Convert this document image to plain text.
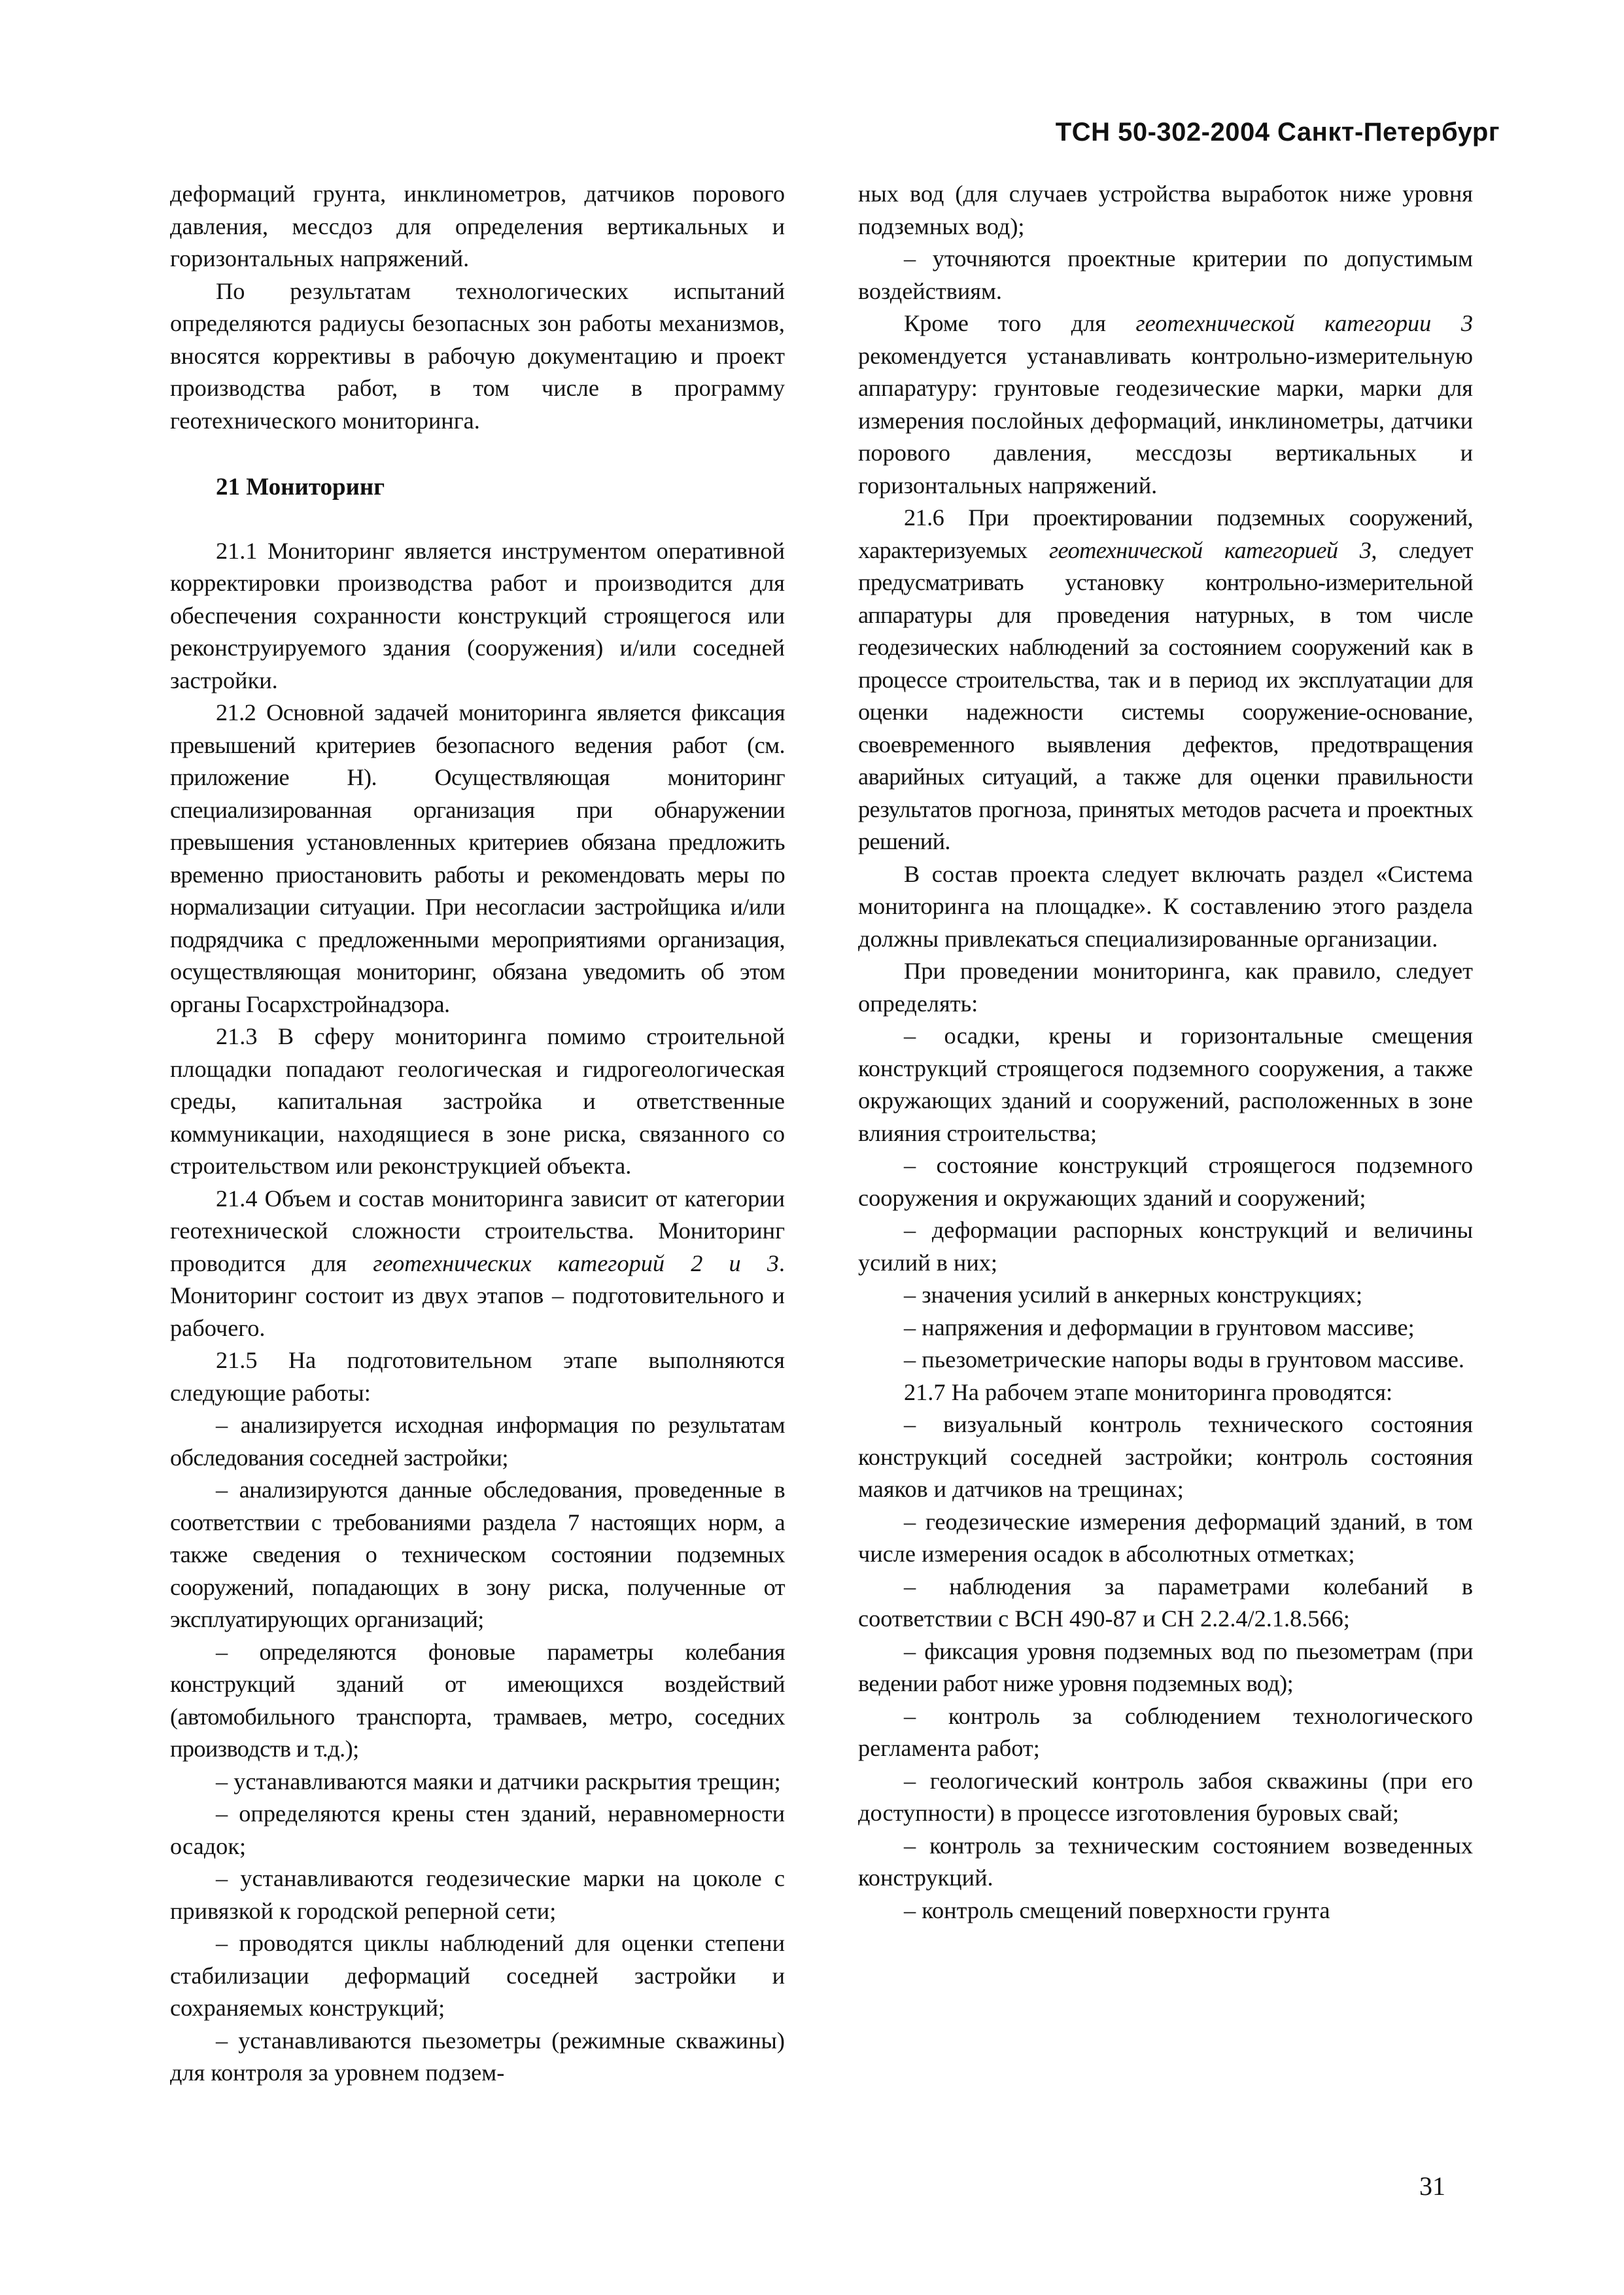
ТСН 50-302-2004 Санкт-Петербург

деформаций грунта, инклинометров, датчиков порового давления, месcдоз для определения вертикальных и горизонтальных напряжений.

По результатам технологических испытаний определяются радиусы безопасных зон работы механизмов, вносятся коррективы в рабочую документацию и проект производства работ, в том числе в программу геотехнического мониторинга.

21 Мониторинг

21.1 Мониторинг является инструментом оперативной корректировки производства работ и производится для обеспечения сохранности конструкций строящегося или реконструируемого здания (сооружения) и/или соседней застройки.

21.2 Основной задачей мониторинга является фиксация превышений критериев безопасного ведения работ (см. приложение Н). Осуществляющая мониторинг специализированная организация при обнаружении превышения установленных критериев обязана предложить временно приостановить работы и рекомендовать меры по нормализации ситуации. При несогласии застройщика и/или подрядчика с предложенными мероприятиями организация, осуществляющая мониторинг, обязана уведомить об этом органы Госархстройнадзора.

21.3 В сферу мониторинга помимо строительной площадки попадают геологическая и гидрогеологическая среды, капитальная застройка и ответственные коммуникации, находящиеся в зоне риска, связанного со строительством или реконструкцией объекта.

21.4 Объем и состав мониторинга зависит от категории геотехнической сложности строительства. Мониторинг проводится для геотехнических категорий 2 и 3. Мониторинг состоит из двух этапов – подготовительного и рабочего.

21.5 На подготовительном этапе выполняются следующие работы:

– анализируется исходная информация по результатам обследования соседней застройки;

– анализируются данные обследования, проведенные в соответствии с требованиями раздела 7 настоящих норм, а также сведения о техническом состоянии подземных сооружений, попадающих в зону риска, полученные от эксплуатирующих организаций;

– определяются фоновые параметры колебания конструкций зданий от имеющихся воздействий (автомобильного транспорта, трамваев, метро, соседних производств и т.д.);

– устанавливаются маяки и датчики раскрытия трещин;

– определяются крены стен зданий, неравномерности осадок;

– устанавливаются геодезические марки на цоколе с привязкой к городской реперной сети;

– проводятся циклы наблюдений для оценки степени стабилизации деформаций соседней застройки и сохраняемых конструкций;

– устанавливаются пьезометры (режимные скважины) для контроля за уровнем подзем-

ных вод (для случаев устройства выработок ниже уровня подземных вод);

– уточняются проектные критерии по допустимым воздействиям.

Кроме того для геотехнической категории 3 рекомендуется устанавливать контрольно-измерительную аппаратуру: грунтовые геодезические марки, марки для измерения послойных деформаций, инклинометры, датчики порового давления, месcдозы вертикальных и горизонтальных напряжений.

21.6 При проектировании подземных сооружений, характеризуемых геотехнической категорией 3, следует предусматривать установку контрольно-измерительной аппаратуры для проведения натурных, в том числе геодезических наблюдений за состоянием сооружений как в процессе строительства, так и в период их эксплуатации для оценки надежности системы сооружение-основание, своевременного выявления дефектов, предотвращения аварийных ситуаций, а также для оценки правильности результатов прогноза, принятых методов расчета и проектных решений.

В состав проекта следует включать раздел «Система мониторинга на площадке». К составлению этого раздела должны привлекаться специализированные организации.

При проведении мониторинга, как правило, следует определять:

– осадки, крены и горизонтальные смещения конструкций строящегося подземного сооружения, а также окружающих зданий и сооружений, расположенных в зоне влияния строительства;

– состояние конструкций строящегося подземного сооружения и окружающих зданий и сооружений;

– деформации распорных конструкций и величины усилий в них;

– значения усилий в анкерных конструкциях;

– напряжения и деформации в грунтовом массиве;

– пьезометрические напоры воды в грунтовом массиве.

21.7 На рабочем этапе мониторинга проводятся:

– визуальный контроль технического состояния конструкций соседней застройки; контроль состояния маяков и датчиков на трещинах;

– геодезические измерения деформаций зданий, в том числе измерения осадок в абсолютных отметках;

– наблюдения за параметрами колебаний в соответствии с ВСН 490-87 и СН 2.2.4/2.1.8.566;

– фиксация уровня подземных вод по пьезометрам (при ведении работ ниже уровня подземных вод);

– контроль за соблюдением технологического регламента работ;

– геологический контроль забоя скважины (при его доступности) в процессе изготовления буровых свай;

– контроль за техническим состоянием возведенных конструкций.

– контроль смещений поверхности грунта

31
